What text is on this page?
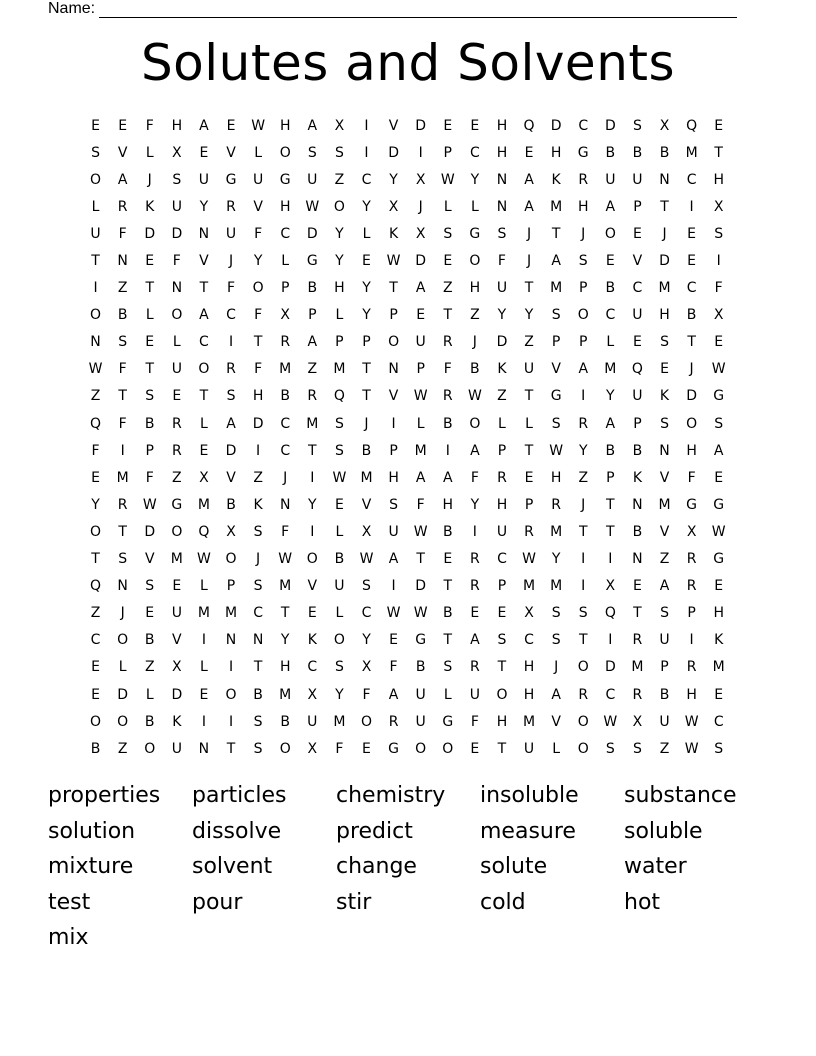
Name:
Solutes and Solvents
E	E	F	H	A	E	W	H	A	X	I	V	D	E	E	H	Q	D	C	D	S	X	Q	E
S	V	L	X	E	V	L	O	S	S	I	D	I	P	C	H	E	H	G	B	B	B	M	T
O	A	J	S	U	G	U	G	U	Z	C	Y	X	W	Y	N	A	K	R	U	U	N	C	H
L	R	K	U	Y	R	V	H	W	O	Y	X	J	L	L	N	A	M	H	A	P	T	I	X
U	F	D	D	N	U	F	C	D	Y	L	K	X	S	G	S	J	T	J	O	E	J	E	S
T	N	E	F	V	J	Y	L	G	Y	E	W	D	E	O	F	J	A	S	E	V	D	E	I
I	Z	T	N	T	F	O	P	B	H	Y	T	A	Z	H	U	T	M	P	B	C	M	C	F
O	B	L	O	A	C	F	X	P	L	Y	P	E	T	Z	Y	Y	S	O	C	U	H	B	X
N	S	E	L	C	I	T	R	A	P	P	O	U	R	J	D	Z	P	P	L	E	S	T	E
W	F	T	U	O	R	F	M	Z	M	T	N	P	F	B	K	U	V	A	M	Q	E	J	W
Z	T	S	E	T	S	H	B	R	Q	T	V	W	R	W	Z	T	G	I	Y	U	K	D	G
Q	F	B	R	L	A	D	C	M	S	J	I	L	B	O	L	L	S	R	A	P	S	O	S
F	I	P	R	E	D	I	C	T	S	B	P	M	I	A	P	T	W	Y	B	B	N	H	A
E	M	F	Z	X	V	Z	J	I	W	M	H	A	A	F	R	E	H	Z	P	K	V	F	E
Y	R	W	G	M	B	K	N	Y	E	V	S	F	H	Y	H	P	R	J	T	N	M	G	G
O	T	D	O	Q	X	S	F	I	L	X	U	W	B	I	U	R	M	T	T	B	V	X	W
T	S	V	M	W	O	J	W	O	B	W	A	T	E	R	C	W	Y	I	I	N	Z	R	G
Q	N	S	E	L	P	S	M	V	U	S	I	D	T	R	P	M	M	I	X	E	A	R	E
Z	J	E	U	M	M	C	T	E	L	C	W W	B	E	E	X	S	S	Q	T	S	P	H
C	O	B	V	I	N	N	Y	K	O	Y	E	G	T	A	S	C	S	T	I	R	U	I	K
E	L	Z	X	L	I	T	H	C	S	X	F	B	S	R	T	H	J	O	D	M	P	R	M
E	D	L	D	E	O	B	M	X	Y	F	A	U	L	U	O	H	A	R	C	R	B	H	E
O	O	B	K	I	I	S	B	U	M	O	R	U	G	F	H	M	V	O	W	X	U	W	C
B	Z	O	U	N	T	S	O	X	F	E	G	O	O	E	T	U	L	O	S	S	Z	W	S
properties	particles	chemistry	insoluble	substance
solution	dissolve	predict	measure	soluble
mixture	solvent	change	solute	water
test	pour	stir	cold	hot
mix
